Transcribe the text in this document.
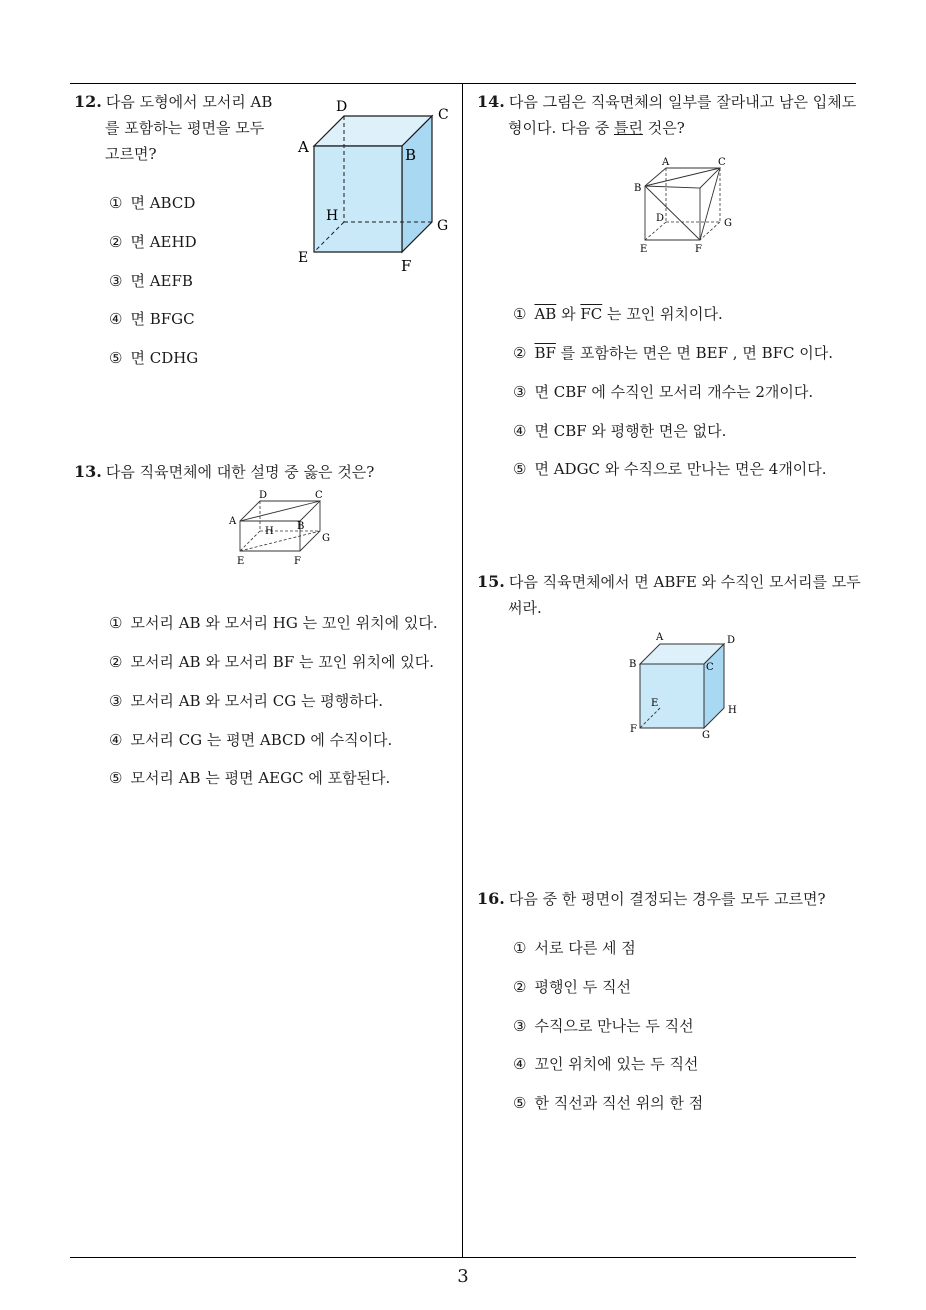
12. 다음 도형에서 모서리 AB
를 포함하는 평면을 모두
고르면?
D	C
A	B
H
G
E	F
① 면 ABCD
② 면 AEHD
③ 면 AEFB
④ 면 BFGC
⑤ 면 CDHG
13. 다음 직육면체에 대한 설명 중 옳은 것은?
D	C
A
H B
G
E	F
① 모서리 AB 와 모서리 HG 는 꼬인 위치에 있다.
② 모서리 AB 와 모서리 BF 는 꼬인 위치에 있다.
③ 모서리 AB 와 모서리 CG 는 평행하다.
④ 모서리 CG 는 평면 ABCD 에 수직이다.
⑤ 모서리 AB 는 평면 AEGC 에 포함된다.
14. 다음 그림은 직육면체의 일부를 잘라내고 남은 입체도
형이다. 다음 중 틀린 것은?
A	C
B
D	G
E	F
① $\overline{AB}$ 와 $\overline{FC}$ 는 꼬인 위치이다.
② $\overline{BF}$ 를 포함하는 면은 면 BEF , 면 BFC 이다.
③ 면 CBF 에 수직인 모서리 개수는 2개이다.
④ 면 CBF 와 평행한 면은 없다.
⑤ 면 ADGC 와 수직으로 만나는 면은 4개이다.
15. 다음 직육면체에서 면 ABFE 와 수직인 모서리를 모두
써라.
A	D
B	C
E
H
F
G
16. 다음 중 한 평면이 결정되는 경우를 모두 고르면?
① 서로 다른 세 점
② 평행인 두 직선
③ 수직으로 만나는 두 직선
④ 꼬인 위치에 있는 두 직선
⑤ 한 직선과 직선 위의 한 점
3
